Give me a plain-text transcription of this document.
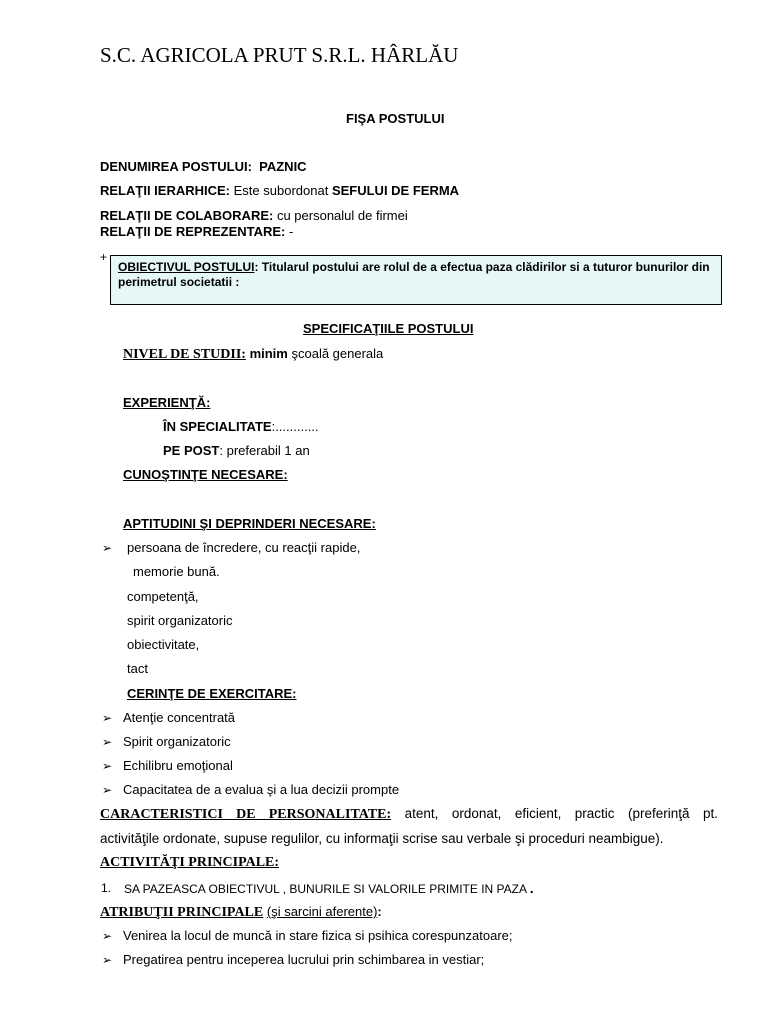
S.C. AGRICOLA PRUT S.R.L. HÂRLĂU
FIŞA POSTULUI
DENUMIREA POSTULUI: PAZNIC
RELAŢII IERARHICE: Este subordonat SEFULUI DE FERMA
RELAŢII DE COLABORARE: cu personalul de firmei
RELAŢII DE REPREZENTARE: -
+
OBIECTIVUL POSTULUI: Titularul postului are rolul de a efectua paza clădirilor si a tuturor bunurilor din perimetrul societatii :
SPECIFICAŢIILE POSTULUI
NIVEL DE STUDII: minim şcoală generala
EXPERIENŢĂ:
ÎN SPECIALITATE:............
PE POST: preferabil 1 an
CUNOŞTINŢE NECESARE:
APTITUDINI ŞI DEPRINDERI NECESARE:
➢ persoana de încredere, cu reacţii rapide,
memorie bună.
competenţă,
spirit organizatoric
obiectivitate,
tact
CERINŢE DE EXERCITARE:
➢ Atenţie concentrată
➢ Spirit organizatoric
➢ Echilibru emoţional
➢ Capacitatea de a evalua şi a lua decizii prompte
CARACTERISTICI DE PERSONALITATE: atent, ordonat, eficient, practic (preferinţă pt.
activităţile ordonate, supuse regulilor, cu informaţii scrise sau verbale şi proceduri neambigue).
ACTIVITĂŢI PRINCIPALE:
1. SA PAZEASCA OBIECTIVUL , BUNURILE SI VALORILE PRIMITE IN PAZA .
ATRIBUŢII PRINCIPALE (şi sarcini aferente):
➢ Venirea la locul de muncă in stare fizica si psihica corespunzatoare;
➢ Pregatirea pentru inceperea lucrului prin schimbarea in vestiar;
